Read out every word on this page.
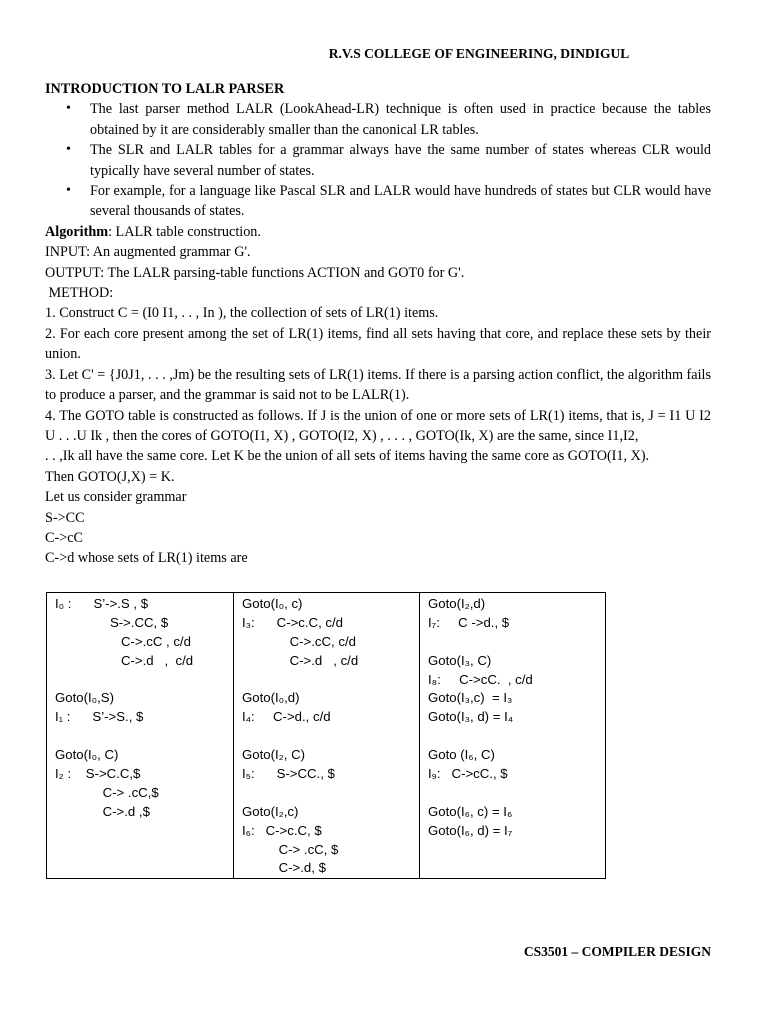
R.V.S COLLEGE OF ENGINEERING, DINDIGUL

INTRODUCTION TO LALR PARSER

• The last parser method LALR (LookAhead-LR) technique is often used in practice because the tables obtained by it are considerably smaller than the canonical LR tables.
• The SLR and LALR tables for a grammar always have the same number of states whereas CLR would typically have several number of states.
• For example, for a language like Pascal SLR and LALR would have hundreds of states but CLR would have several thousands of states.

Algorithm: LALR table construction.

INPUT: An augmented grammar G'.

OUTPUT: The LALR parsing-table functions ACTION and GOT0 for G'.

METHOD:

1. Construct C = (I0 I1, . . , In ), the collection of sets of LR(1) items.

2. For each core present among the set of LR(1) items, find all sets having that core, and replace these sets by their union.

3. Let C' = {J0J1, . . . ,Jm) be the resulting sets of LR(1) items. If there is a parsing action conflict, the algorithm fails to produce a parser, and the grammar is said not to be LALR(1).

4. The GOTO table is constructed as follows. If J is the union of one or more sets of LR(1) items, that is, J = I1 U I2 U . . .U Ik , then the cores of GOTO(I1, X) , GOTO(I2, X) , . . . , GOTO(Ik, X) are the same, since I1,I2,

. . ,Ik all have the same core. Let K be the union of all sets of items having the same core as GOTO(I1, X).

Then GOTO(J,X) = K.

Let us consider grammar

S->CC

C->cC

C->d whose sets of LR(1) items are

I₀ :      S’->.S , $
S->.CC, $
C->.cC , c/d
C->.d   ,  c/d
Goto(I₀,S)
I₁ :      S’->S., $
Goto(I₀, C)
I₂ :    S->C.C,$
C-> .cC,$
C->.d ,$

Goto(I₀, c)
I₃:      C->c.C, c/d
C->.cC, c/d
C->.d   , c/d
Goto(I₀,d)
I₄:     C->d., c/d
Goto(I₂, C)
I₅:      S->CC., $
Goto(I₂,c)
I₆:   C->c.C, $
C-> .cC, $
C->.d, $

Goto(I₂,d)
I₇:     C ->d., $
Goto(I₃, C)
I₈:     C->cC.  , c/d
Goto(I₃,c)  = I₃
Goto(I₃, d) = I₄
Goto (I₆, C)
I₉:   C->cC., $
Goto(I₆, c) = I₆
Goto(I₆, d) = I₇
CS3501 – COMPILER DESIGN
